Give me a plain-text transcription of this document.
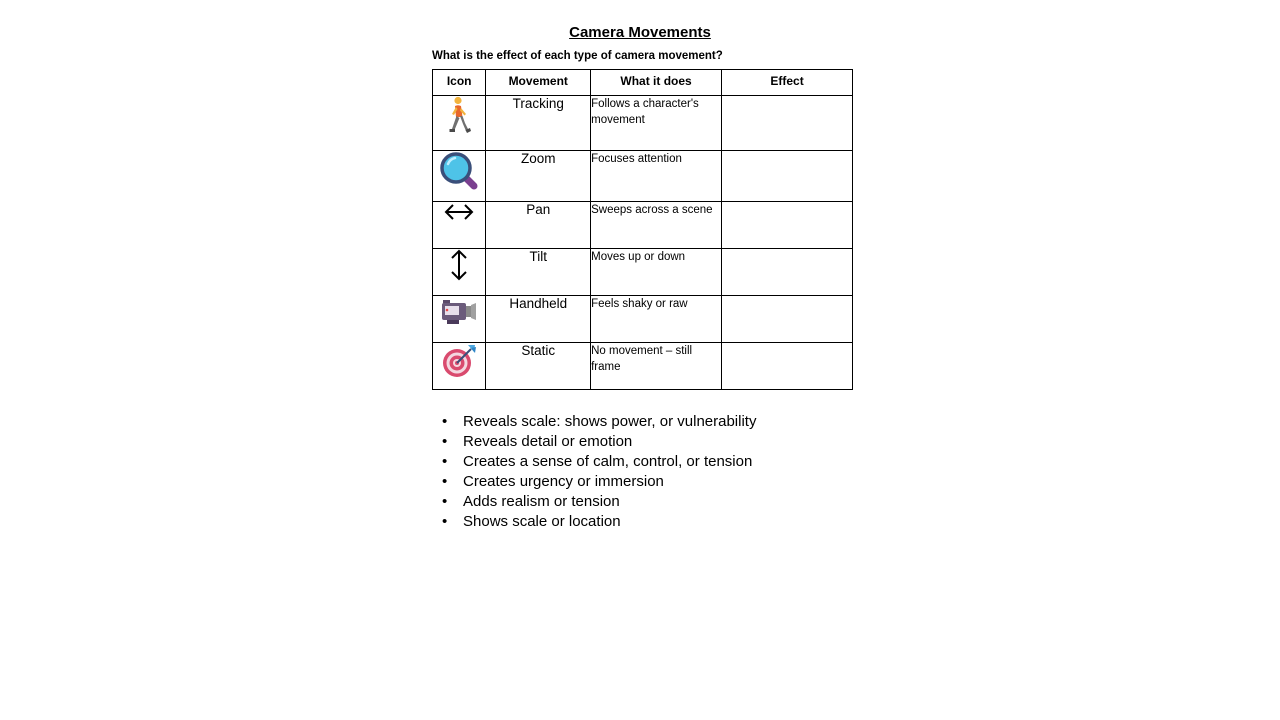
Camera Movements
What is the effect of each type of camera movement?
Icon	Movement	What it does	Effect

	Tracking	Follows a character's movement	

	Zoom	Focuses attention	

	Pan	Sweeps across a scene	

	Tilt	Moves up or down	

	Handheld	Feels shaky or raw	

	Static	No movement – still frame	
• Reveals scale: shows power, or vulnerability
• Reveals detail or emotion
• Creates a sense of calm, control, or tension
• Creates urgency or immersion
• Adds realism or tension
• Shows scale or location
